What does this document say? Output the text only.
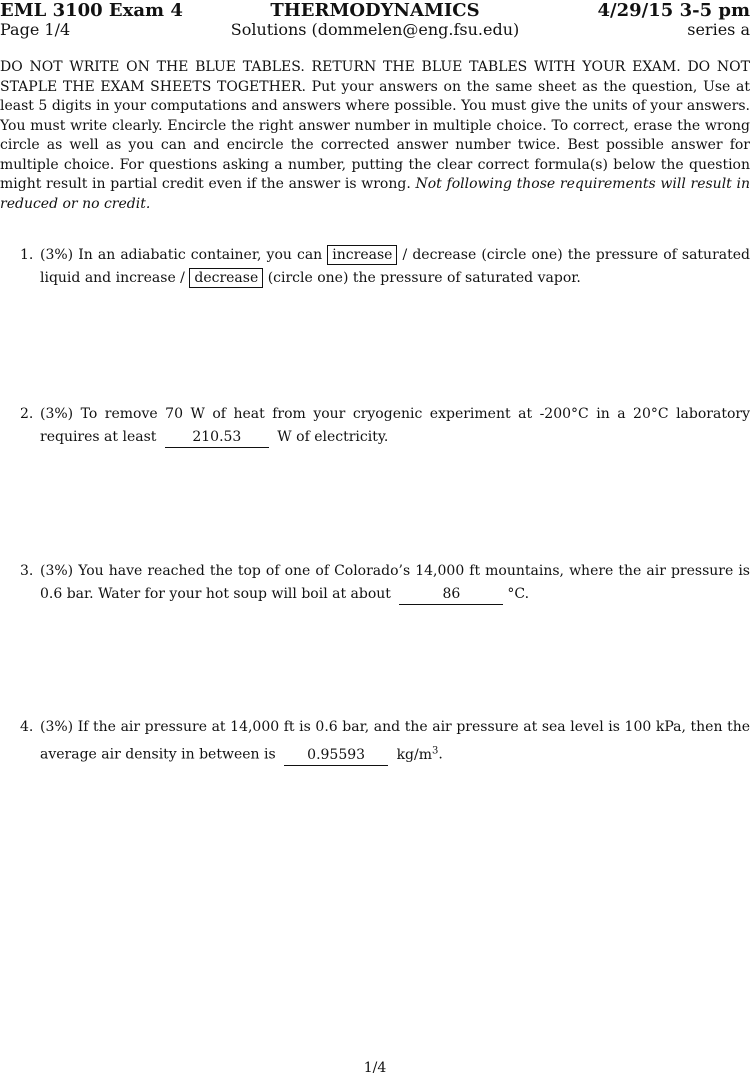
EML 3100 Exam 4	THERMODYNAMICS	4/29/15 3-5 pm
Page 1/4	Solutions (dommelen@eng.fsu.edu)	series a
DO NOT WRITE ON THE BLUE TABLES. RETURN THE BLUE TABLES WITH YOUR EXAM. DO NOT STAPLE THE EXAM SHEETS TOGETHER. Put your answers on the same sheet as the question, Use at least 5 digits in your computations and answers where possible. You must give the units of your answers. You must write clearly. Encircle the right answer number in multiple choice. To correct, erase the wrong circle as well as you can and encircle the corrected answer number twice. Best possible answer for multiple choice. For questions asking a number, putting the clear correct formula(s) below the question might result in partial credit even if the answer is wrong. Not following those requirements will result in reduced or no credit.
1. (3%) In an adiabatic container, you can increase / decrease (circle one) the pressure of saturated liquid and increase / decrease (circle one) the pressure of saturated vapor.
2. (3%) To remove 70 W of heat from your cryogenic experiment at -200°C in a 20°C laboratory requires at least	210.53	W of electricity.
3. (3%) You have reached the top of one of Colorado’s 14,000 ft mountains, where the air pressure is 0.6 bar. Water for your hot soup will boil at about	86	°C.
4. (3%) If the air pressure at 14,000 ft is 0.6 bar, and the air pressure at sea level is 100 kPa, then the average air density in between is 0.95593 $kg/m^3$.
1/4
